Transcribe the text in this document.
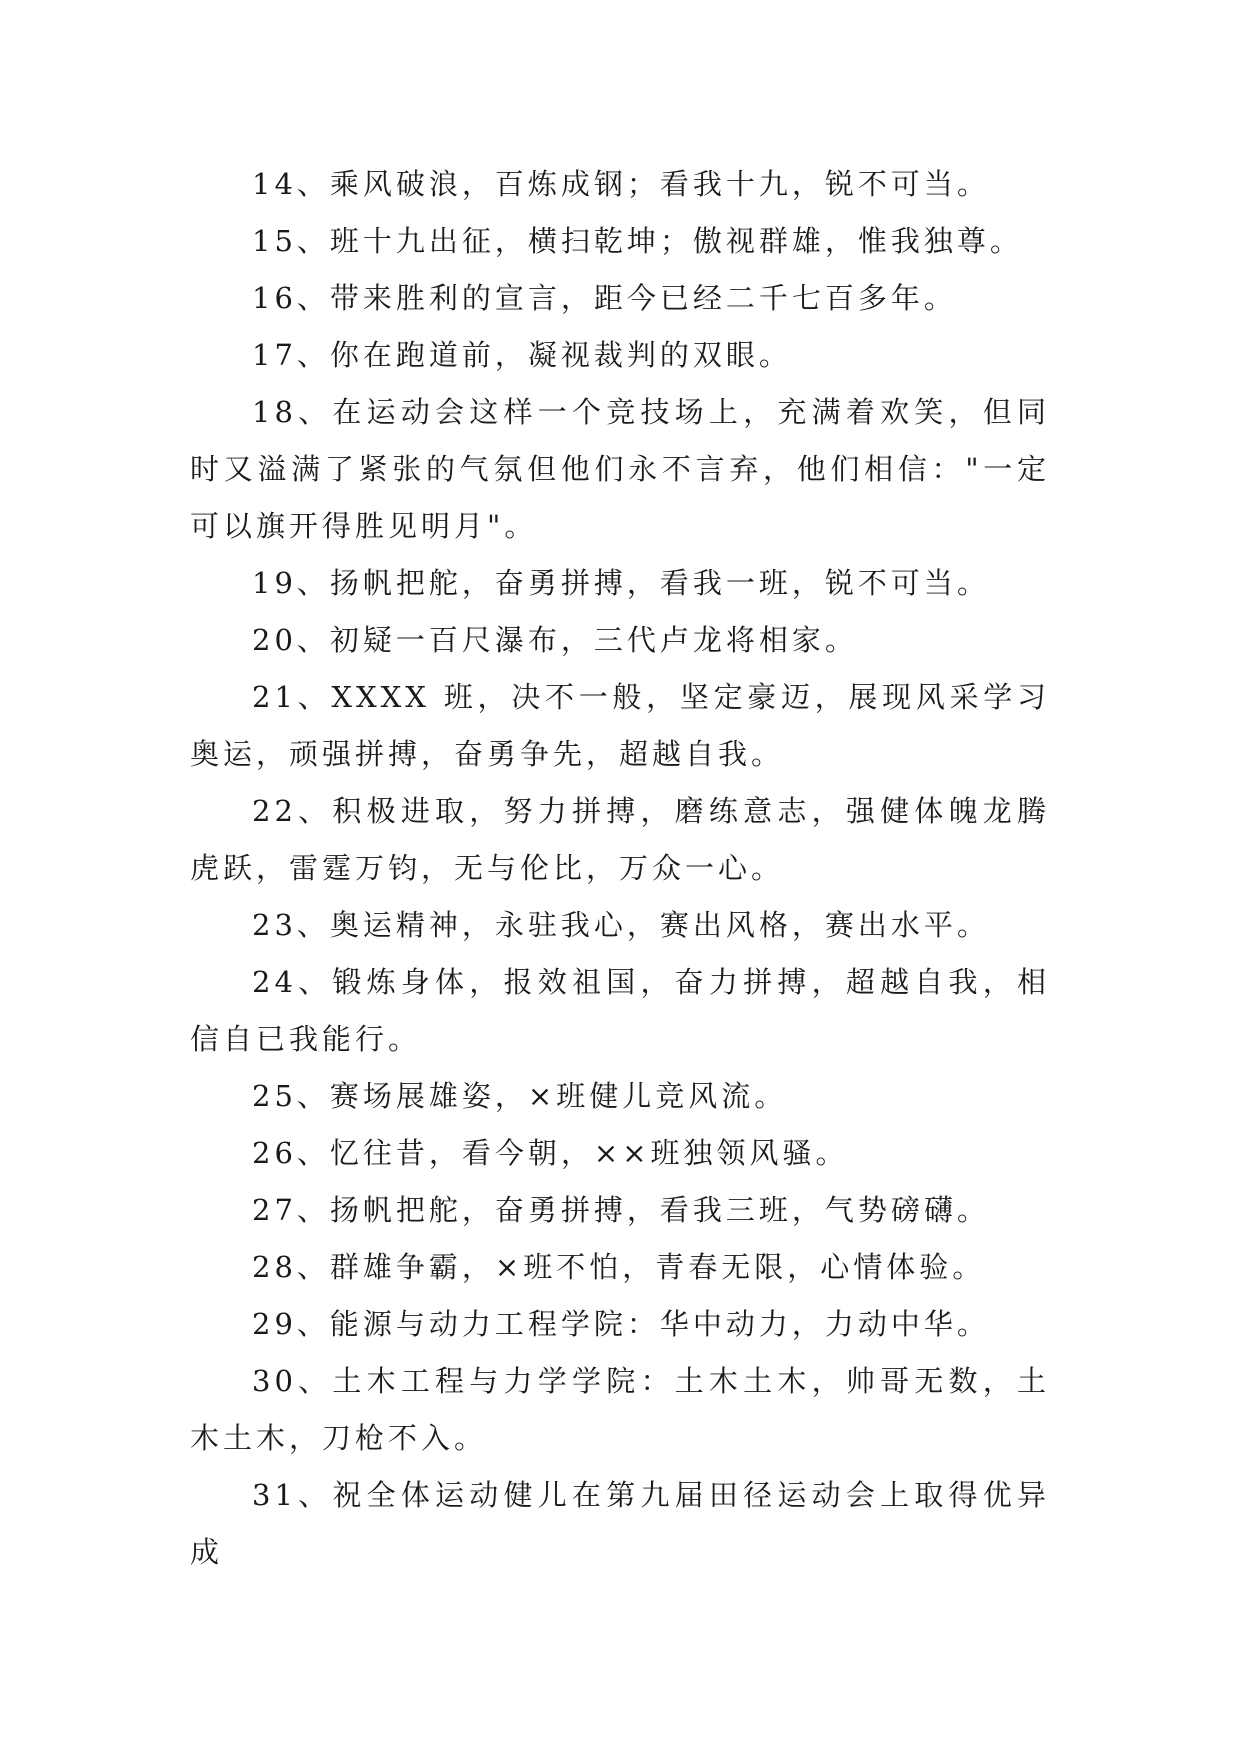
14、乘风破浪，百炼成钢；看我十九，锐不可当。

15、班十九出征，横扫乾坤；傲视群雄，惟我独尊。

16、带来胜利的宣言，距今已经二千七百多年。

17、你在跑道前，凝视裁判的双眼。

18、在运动会这样一个竞技场上，充满着欢笑，但同时又溢满了紧张的气氛但他们永不言弃，他们相信："一定可以旗开得胜见明月"。

19、扬帆把舵，奋勇拼搏，看我一班，锐不可当。

20、初疑一百尺瀑布，三代卢龙将相家。

21、XXXX 班，决不一般，坚定豪迈，展现风采学习奥运，顽强拼搏，奋勇争先，超越自我。

22、积极进取，努力拼搏，磨练意志，强健体魄龙腾虎跃，雷霆万钧，无与伦比，万众一心。

23、奥运精神，永驻我心，赛出风格，赛出水平。

24、锻炼身体，报效祖国，奋力拼搏，超越自我，相信自已我能行。

25、赛场展雄姿，×班健儿竞风流。

26、忆往昔，看今朝，××班独领风骚。

27、扬帆把舵，奋勇拼搏，看我三班，气势磅礴。

28、群雄争霸，×班不怕，青春无限，心情体验。

29、能源与动力工程学院：华中动力，力动中华。

30、土木工程与力学学院：土木土木，帅哥无数，土木土木，刀枪不入。

31、祝全体运动健儿在第九届田径运动会上取得优异成
